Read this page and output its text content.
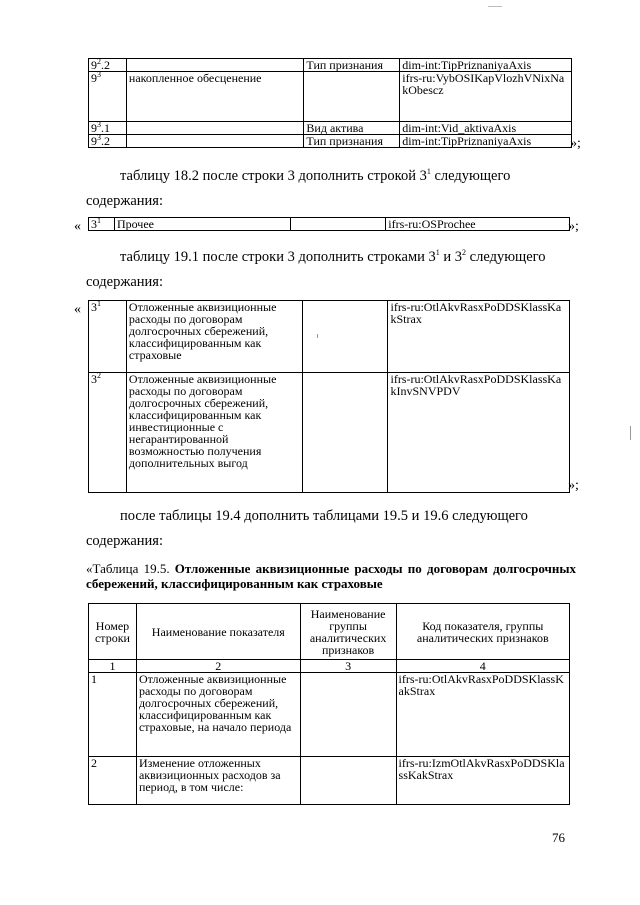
$9^2.2$		Тип признания	dim-int:TipPriznaniyaAxis
$9^3$	накопленное обесценение		ifrs-ru:VybOSIKapVlozhVNixNakObescz
$9^3.1$		Вид актива	dim-int:Vid_aktivaAxis
$9^3.2$		Тип признания	dim-int:TipPriznaniyaAxis	»;
таблицу 18.2 после строки 3 дополнить строкой $3^1$ следующего
содержания:
« $3^1$	Прочее		ifrs-ru:OSProchee	»;
таблицу 19.1 после строки 3 дополнить строками $3^1$ и $3^2$ следующего
содержания:
« $3^1$	Отложенные аквизиционные расходы по договорам долгосрочных сбережений, классифицированным как страховые		ifrs-ru:OtlAkvRasxPoDDSKlassKakStrax
$3^2$	Отложенные аквизиционные расходы по договорам долгосрочных сбережений, классифицированным как инвестиционные с негарантированной возможностью получения дополнительных выгод		ifrs-ru:OtlAkvRasxPoDDSKlassKakInvSNVPDV
»;
после таблицы 19.4 дополнить таблицами 19.5 и 19.6 следующего
содержания:
«Таблица 19.5. Отложенные аквизиционные расходы по договорам долгосрочных сбережений, классифицированным как страховые
Номер строки	Наименование показателя	Наименование группы аналитических признаков	Код показателя, группы аналитических признаков
1	2	3	4
1	Отложенные аквизиционные расходы по договорам долгосрочных сбережений, классифицированным как страховые, на начало периода		ifrs-ru:OtlAkvRasxPoDDSKlassKakStrax
2	Изменение отложенных аквизиционных расходов за период, в том числе:		ifrs-ru:IzmOtlAkvRasxPoDDSKlassKakStrax
76
